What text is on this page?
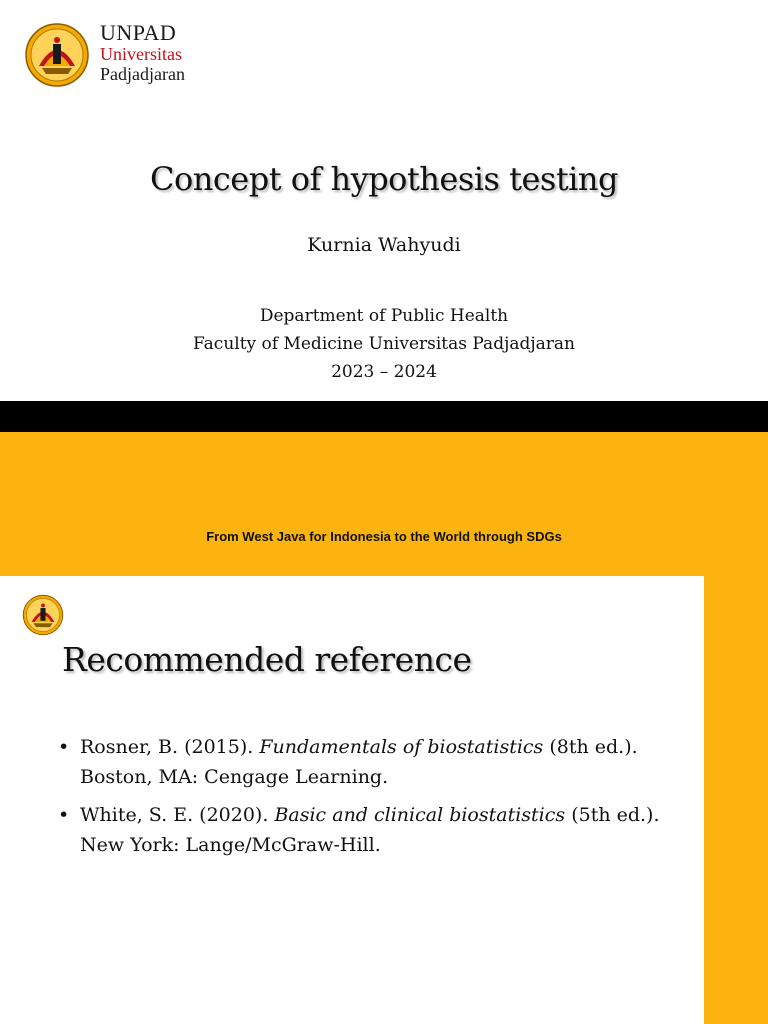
UNPAD
Universitas
Padjadjaran
Concept of hypothesis testing
Kurnia Wahyudi
Department of Public Health
Faculty of Medicine Universitas Padjadjaran
2023 – 2024
From West Java for Indonesia to the World through SDGs
Recommended reference
• Rosner, B. (2015). Fundamentals of biostatistics (8th ed.). Boston, MA: Cengage Learning.
• White, S. E. (2020). Basic and clinical biostatistics (5th ed.). New York: Lange/McGraw-Hill.
